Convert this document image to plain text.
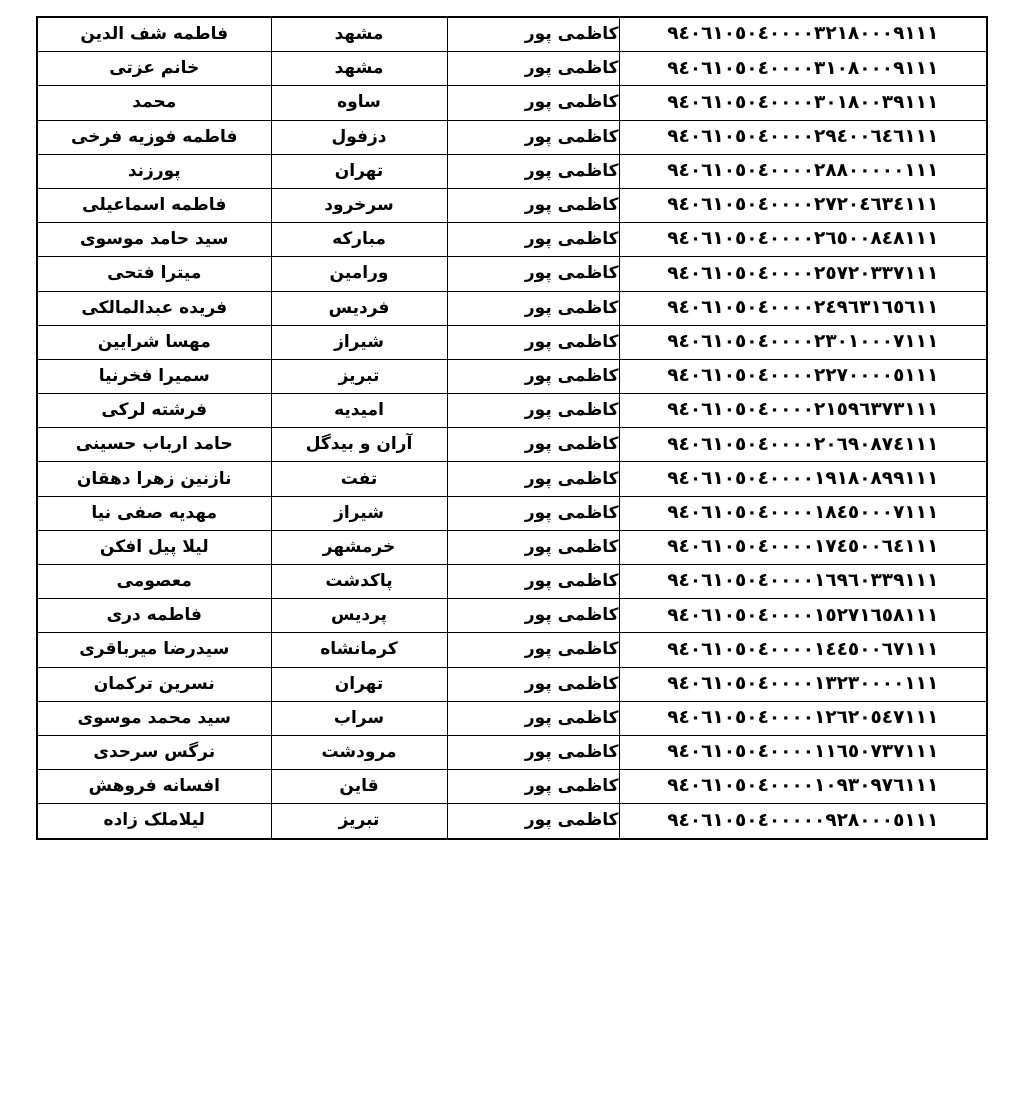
فاطمه شف الدین	مشهد	کاظمی پور	٩٤٠٦١٠٥٠٤٠٠٠٠٣٢١٨٠٠٠٩١١١
خانم عزتی	مشهد	کاظمی پور	٩٤٠٦١٠٥٠٤٠٠٠٠٣١٠٨٠٠٠٩١١١
محمد	ساوه	کاظمی پور	٩٤٠٦١٠٥٠٤٠٠٠٠٣٠١٨٠٠٣٩١١١
فاطمه فوزیه فرخی	دزفول	کاظمی پور	٩٤٠٦١٠٥٠٤٠٠٠٠٢٩٤٠٠٦٤٦١١١
پورزند	تهران	کاظمی پور	٩٤٠٦١٠٥٠٤٠٠٠٠٢٨٨٠٠٠٠٠١١١
فاطمه اسماعیلی	سرخرود	کاظمی پور	٩٤٠٦١٠٥٠٤٠٠٠٠٢٧٢٠٤٦٣٤١١١
سید حامد موسوی	مبارکه	کاظمی پور	٩٤٠٦١٠٥٠٤٠٠٠٠٢٦٥٠٠٨٤٨١١١
میترا فتحی	ورامین	کاظمی پور	٩٤٠٦١٠٥٠٤٠٠٠٠٢٥٧٢٠٣٣٧١١١
فریده عبدالمالکی	فردیس	کاظمی پور	٩٤٠٦١٠٥٠٤٠٠٠٠٢٤٩٦٣١٦٥٦١١
مهسا شرایین	شیراز	کاظمی پور	٩٤٠٦١٠٥٠٤٠٠٠٠٢٣٠١٠٠٠٧١١١
سمیرا فخرنیا	تبریز	کاظمی پور	٩٤٠٦١٠٥٠٤٠٠٠٠٢٢٧٠٠٠٠٥١١١
فرشته لرکی	امیدیه	کاظمی پور	٩٤٠٦١٠٥٠٤٠٠٠٠٢١٥٩٦٣٧٣١١١
حامد ارباب حسینی	آران و بیدگل	کاظمی پور	٩٤٠٦١٠٥٠٤٠٠٠٠٢٠٦٩٠٨٧٤١١١
نازنین زهرا دهقان	تفت	کاظمی پور	٩٤٠٦١٠٥٠٤٠٠٠٠١٩١٨٠٨٩٩١١١
مهدیه صفی نیا	شیراز	کاظمی پور	٩٤٠٦١٠٥٠٤٠٠٠٠١٨٤٥٠٠٠٧١١١
لیلا پیل افکن	خرمشهر	کاظمی پور	٩٤٠٦١٠٥٠٤٠٠٠٠١٧٤٥٠٠٦٤١١١
معصومی	پاکدشت	کاظمی پور	٩٤٠٦١٠٥٠٤٠٠٠٠١٦٩٦٠٣٣٩١١١
فاطمه دری	پردیس	کاظمی پور	٩٤٠٦١٠٥٠٤٠٠٠٠١٥٢٧١٦٥٨١١١
سیدرضا میرباقری	کرمانشاه	کاظمی پور	٩٤٠٦١٠٥٠٤٠٠٠٠١٤٤٥٠٠٦٧١١١
نسرین ترکمان	تهران	کاظمی پور	٩٤٠٦١٠٥٠٤٠٠٠٠١٣٢٣٠٠٠٠١١١
سید محمد موسوی	سراب	کاظمی پور	٩٤٠٦١٠٥٠٤٠٠٠٠١٢٦٢٠٥٤٧١١١
نرگس سرحدی	مرودشت	کاظمی پور	٩٤٠٦١٠٥٠٤٠٠٠٠١١٦٥٠٧٣٧١١١
افسانه فروهش	قاین	کاظمی پور	٩٤٠٦١٠٥٠٤٠٠٠٠١٠٩٣٠٩٧٦١١١
لیلاملک زاده	تبریز	کاظمی پور	٩٤٠٦١٠٥٠٤٠٠٠٠٠٩٢٨٠٠٠٥١١١
